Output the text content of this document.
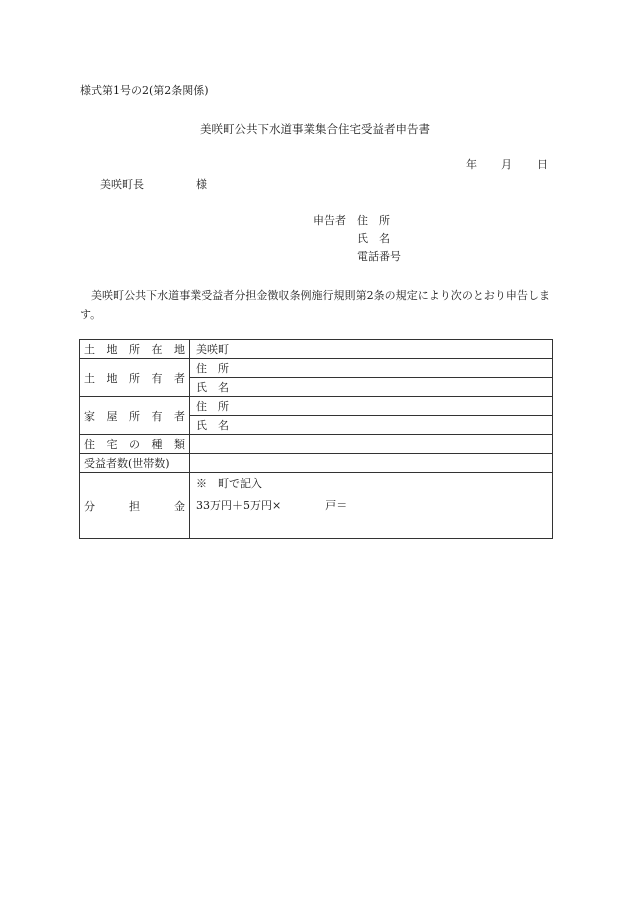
様式第1号の2(第2条関係)
美咲町公共下水道事業集合住宅受益者申告書
年 月 日
美咲町長	様
申告者 住　所
氏　名
電話番号
美咲町公共下水道事業受益者分担金徴収条例施行規則第2条の規定により次のとおり申告します。
土 地 所 在 地	美咲町

土 地 所 有 者	住　所
	氏　名

家 屋 所 有 者	住　所
	氏　名

住 宅 の 種 類	

受益者数(世帯数)	

分 担 金	※　町で記入
33万円＋5万円×　　　　戸＝
